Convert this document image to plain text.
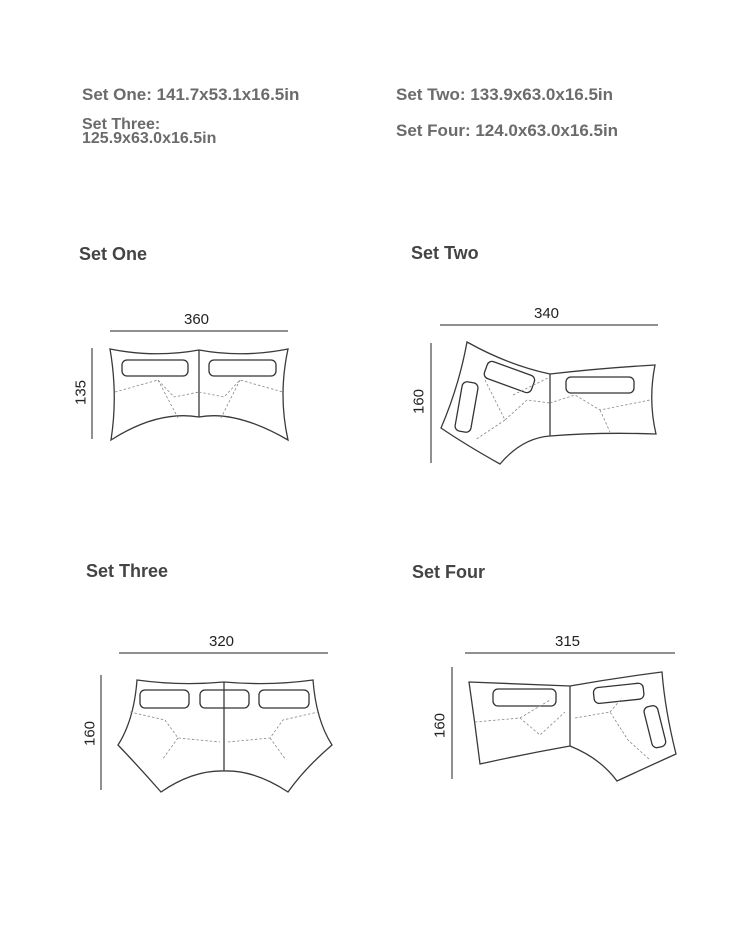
Set One: 141.7x53.1x16.5in	Set Two: 133.9x63.0x16.5in
Set Three:
125.9x63.0x16.5in	Set Four: 124.0x63.0x16.5in
Set One	Set Two
Set Three	Set Four
360
135
340
160
320
160
315
160
